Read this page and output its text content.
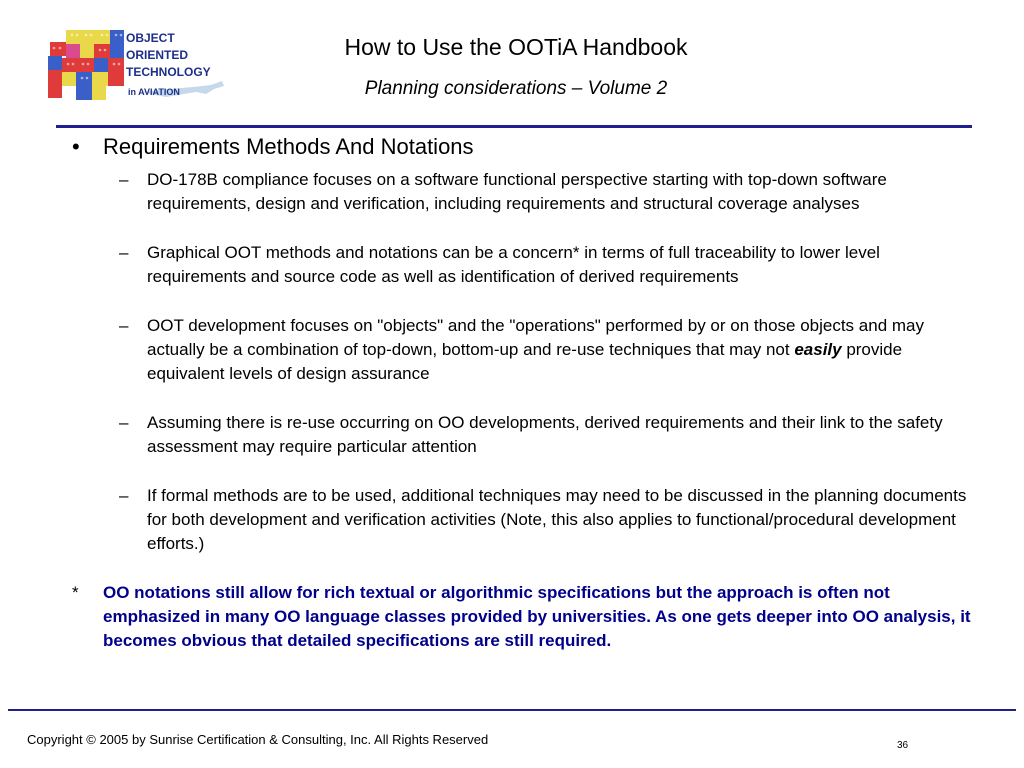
OBJECT
ORIENTED
TECHNOLOGY
in AVIATION
How to Use the OOTiA Handbook
Planning considerations – Volume 2
•	Requirements Methods And Notations
–	DO-178B compliance focuses on a software functional perspective starting with top-down software requirements, design and verification, including requirements and structural coverage analyses
–	Graphical OOT methods and notations can be a concern* in terms of full traceability to lower level requirements and source code as well as identification of derived requirements
–	OOT development focuses on "objects" and the "operations" performed by or on those objects and may actually be a combination of top-down, bottom-up and re-use techniques that may not easily provide equivalent levels of design assurance
–	Assuming there is re-use occurring on OO developments, derived requirements and their link to the safety assessment may require particular attention
–	If formal methods are to be used, additional techniques may need to be discussed in the planning documents for both development and verification activities (Note, this also applies to functional/procedural development efforts.)
*	OO notations still allow for rich textual or algorithmic specifications but the approach is often not emphasized in many OO language classes provided by universities. As one gets deeper into OO analysis, it becomes obvious that detailed specifications are still required.
Copyright © 2005 by Sunrise Certification & Consulting, Inc. All Rights Reserved	36
